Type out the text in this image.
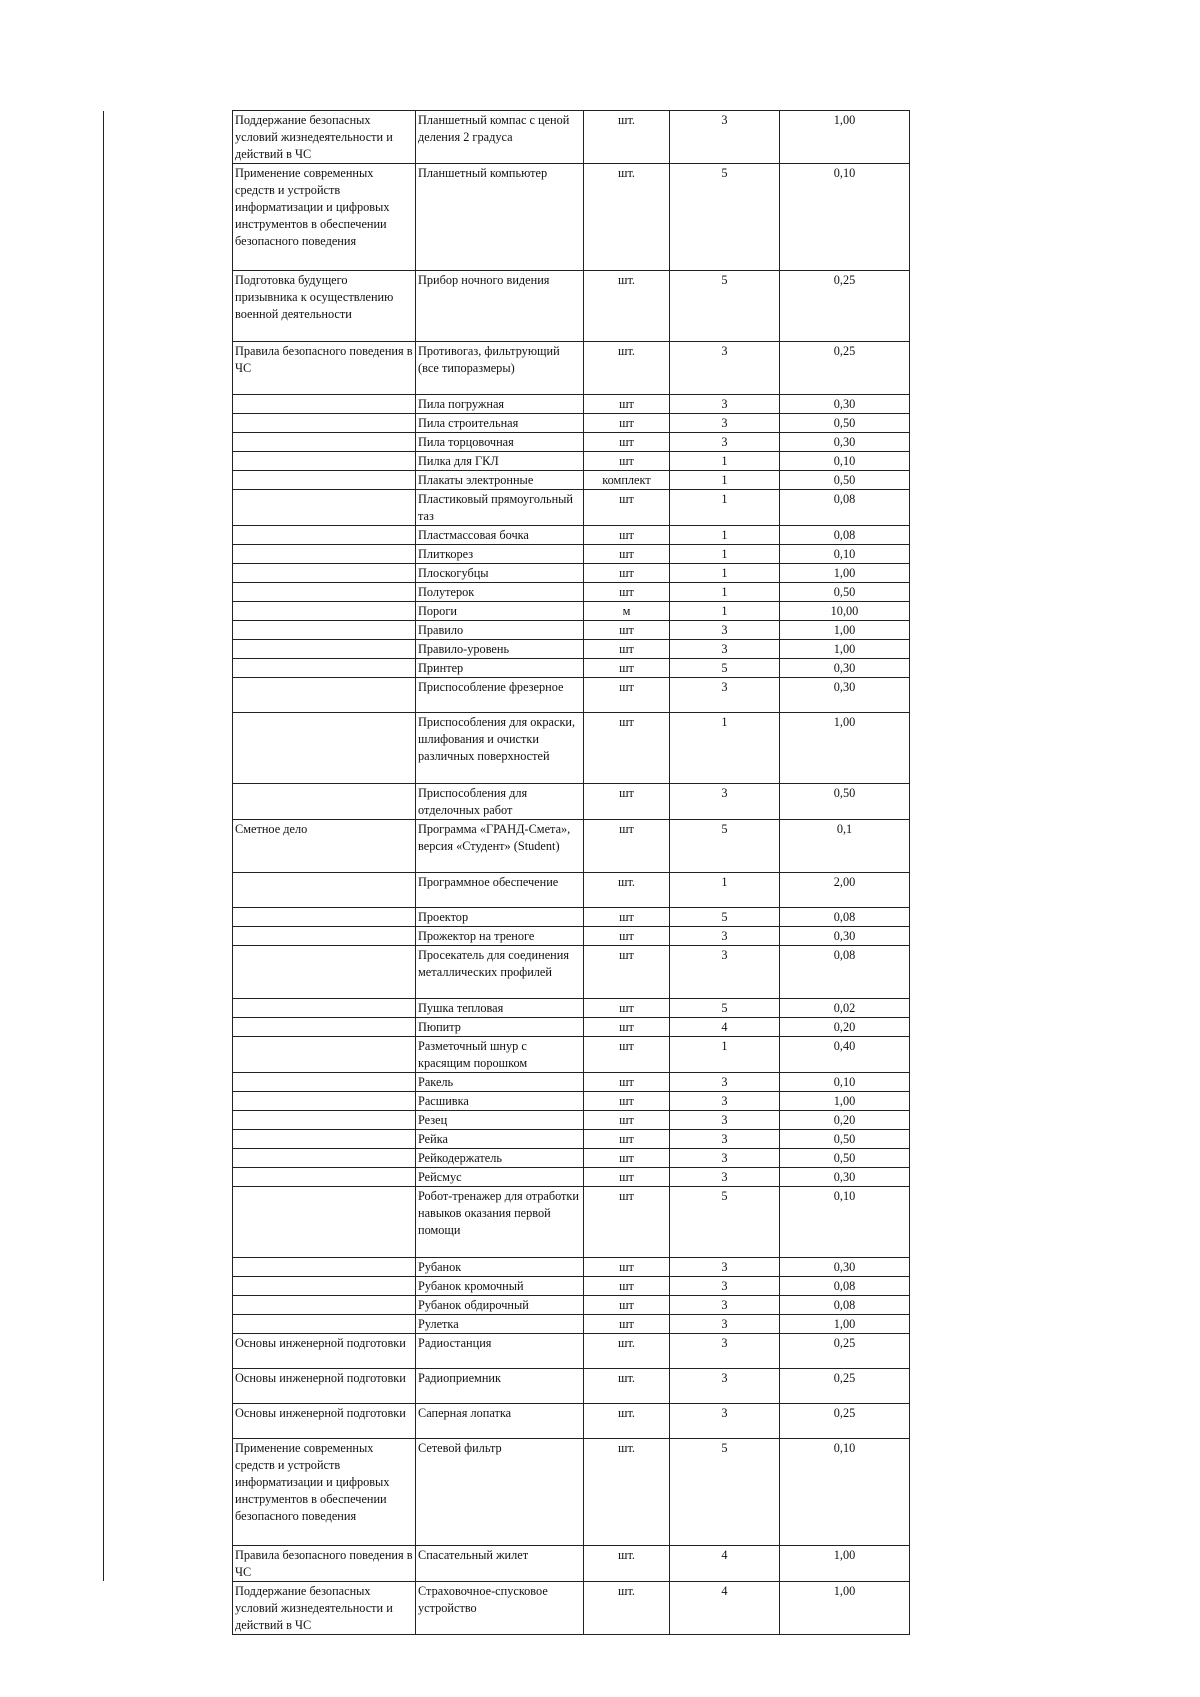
Поддержание безопасных условий жизнедеятельности и действий в ЧС	Планшетный компас с ценой деления 2 градуса	шт.	3	1,00
Применение современных средств и устройств информатизации и цифровых инструментов в обеспечении безопасного поведения	Планшетный компьютер	шт.	5	0,10
Подготовка будущего призывника к осуществлению военной деятельности	Прибор ночного видения	шт.	5	0,25
Правила безопасного поведения в ЧС	Противогаз, фильтрующий (все типоразмеры)	шт.	3	0,25
	Пила погружная	шт	3	0,30
	Пила строительная	шт	3	0,50
	Пила торцовочная	шт	3	0,30
	Пилка для ГКЛ	шт	1	0,10
	Плакаты электронные	комплект	1	0,50
	Пластиковый прямоугольный таз	шт	1	0,08
	Пластмассовая бочка	шт	1	0,08
	Плиткорез	шт	1	0,10
	Плоскогубцы	шт	1	1,00
	Полутерок	шт	1	0,50
	Пороги	м	1	10,00
	Правило	шт	3	1,00
	Правило-уровень	шт	3	1,00
	Принтер	шт	5	0,30
	Приспособление фрезерное	шт	3	0,30
	Приспособления для окраски, шлифования и очистки различных поверхностей	шт	1	1,00
	Приспособления для отделочных работ	шт	3	0,50
Сметное дело	Программа «ГРАНД-Смета», версия «Студент» (Student)	шт	5	0,1
	Программное обеспечение	шт.	1	2,00
	Проектор	шт	5	0,08
	Прожектор на треноге	шт	3	0,30
	Просекатель для соединения металлических профилей	шт	3	0,08
	Пушка тепловая	шт	5	0,02
	Пюпитр	шт	4	0,20
	Разметочный шнур с красящим порошком	шт	1	0,40
	Ракель	шт	3	0,10
	Расшивка	шт	3	1,00
	Резец	шт	3	0,20
	Рейка	шт	3	0,50
	Рейкодержатель	шт	3	0,50
	Рейсмус	шт	3	0,30
	Робот-тренажер для отработки навыков оказания первой помощи	шт	5	0,10
	Рубанок	шт	3	0,30
	Рубанок кромочный	шт	3	0,08
	Рубанок обдирочный	шт	3	0,08
	Рулетка	шт	3	1,00
Основы инженерной подготовки	Радиостанция	шт.	3	0,25
Основы инженерной подготовки	Радиоприемник	шт.	3	0,25
Основы инженерной подготовки	Саперная лопатка	шт.	3	0,25
Применение современных средств и устройств информатизации и цифровых инструментов в обеспечении безопасного поведения	Сетевой фильтр	шт.	5	0,10
Правила безопасного поведения в ЧС	Спасательный жилет	шт.	4	1,00
Поддержание безопасных условий жизнедеятельности и действий в ЧС	Страховочное-спусковое устройство	шт.	4	1,00
